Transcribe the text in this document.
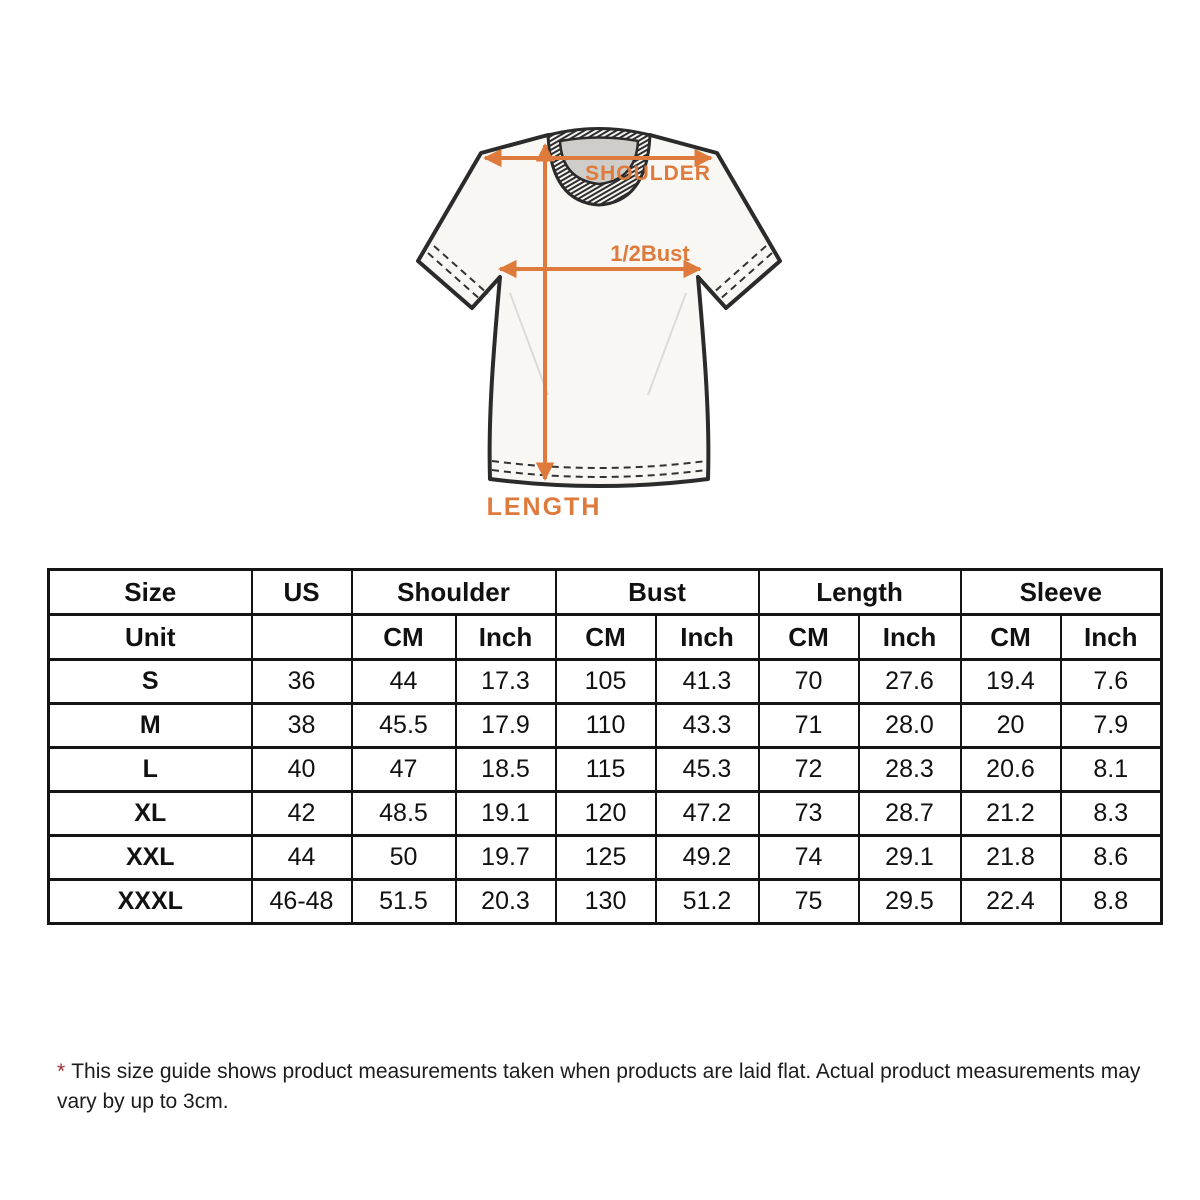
SHOULDER
1/2Bust
LENGTH
Size	US	Shoulder		Bust		Length		Sleeve	
Unit		CM	Inch	CM	Inch	CM	Inch	CM	Inch
S	36	44	17.3	105	41.3	70	27.6	19.4	7.6
M	38	45.5	17.9	110	43.3	71	28.0	20	7.9
L	40	47	18.5	115	45.3	72	28.3	20.6	8.1
XL	42	48.5	19.1	120	47.2	73	28.7	21.2	8.3
XXL	44	50	19.7	125	49.2	74	29.1	21.8	8.6
XXXL	46-48	51.5	20.3	130	51.2	75	29.5	22.4	8.8

* This size guide shows product measurements taken when products are laid flat. Actual product measurements may vary by up to 3cm.
